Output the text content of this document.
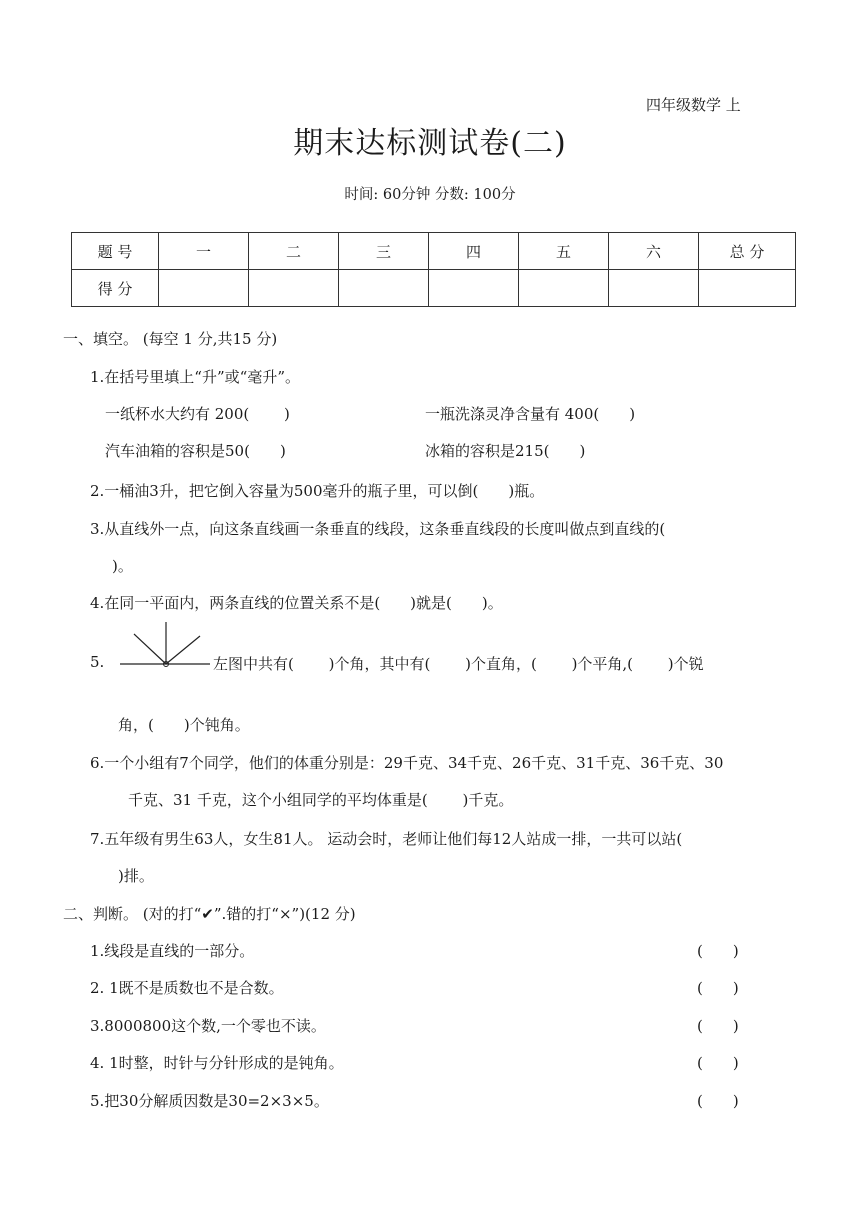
四年级数学 上
期末达标测试卷(二)
时间: 60分钟 分数: 100分
题 号	一	二	三	四	五	六	总 分
得 分							
一、填空。 (每空 1 分,共15 分)
1.在括号里填上“升”或“毫升”。
一纸杯水大约有 200(　　 )	一瓶洗涤灵净含量有 400(　　)
汽车油箱的容积是50(　　)	冰箱的容积是215(　　)
2.一桶油3升，把它倒入容量为500毫升的瓶子里，可以倒(　　)瓶。
3.从直线外一点，向这条直线画一条垂直的线段，这条垂直线段的长度叫做点到直线的(
)。
4.在同一平面内，两条直线的位置关系不是(　　)就是(　　)。
5.	左图中共有(　　 )个角，其中有(　　 )个直角，(　　 )个平角,(　　 )个锐
角，(　　)个钝角。
6.一个小组有7个同学，他们的体重分别是：29千克、34千克、26千克、31千克、36千克、30
千克、31 千克，这个小组同学的平均体重是(　　 )千克。
7.五年级有男生63人，女生81人。 运动会时，老师让他们每12人站成一排，一共可以站(
)排。
二、判断。 (对的打“✔”.错的打“×”)(12 分)
1.线段是直线的一部分。	(　　)
2. 1既不是质数也不是合数。	(　　)
3.8000800这个数,一个零也不读。	(　　)
4. 1时整，时针与分针形成的是钝角。	(　　)
5.把30分解质因数是30=2×3×5。	(　　)
